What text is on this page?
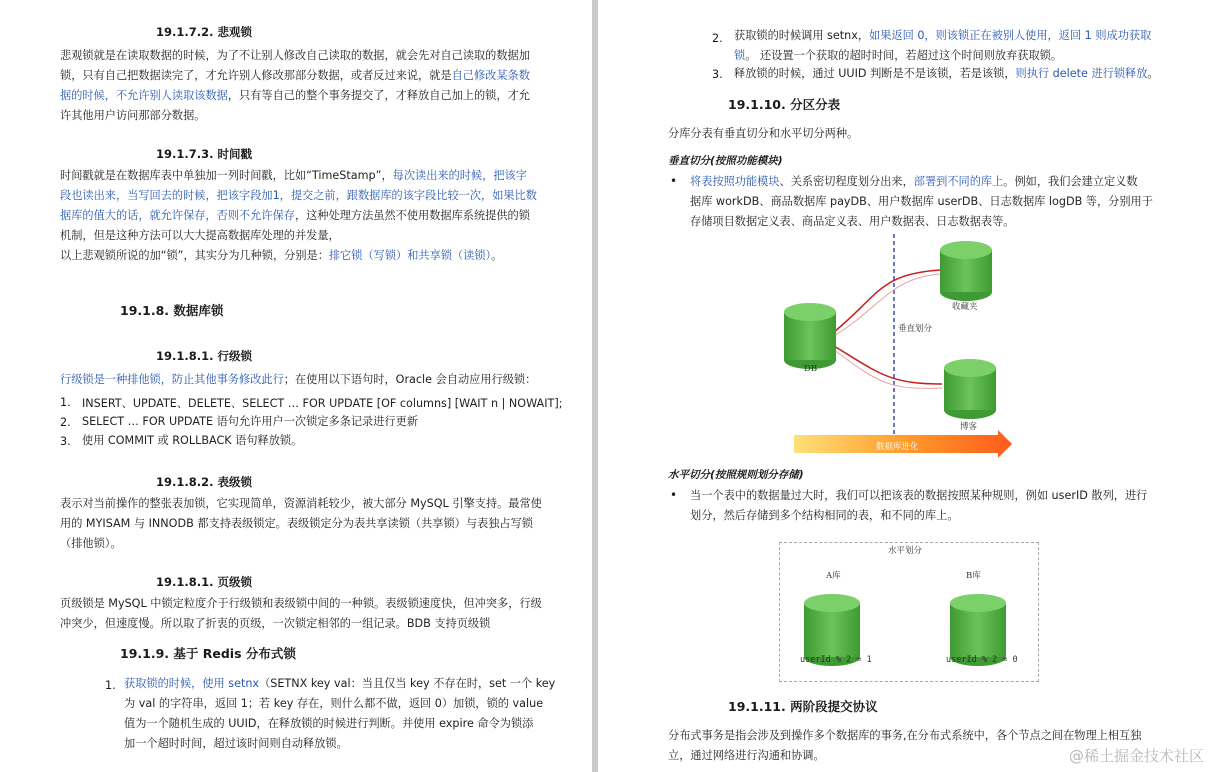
19.1.7.2. 悲观锁
悲观锁就是在读取数据的时候，为了不让别人修改自己读取的数据，就会先对自己读取的数据加
锁，只有自己把数据读完了，才允许别人修改那部分数据，或者反过来说，就是自己修改某条数
据的时候，不允许别人读取该数据，只有等自己的整个事务提交了，才释放自己加上的锁，才允
许其他用户访问那部分数据。
19.1.7.3. 时间戳
时间戳就是在数据库表中单独加一列时间戳，比如“TimeStamp”，每次读出来的时候，把该字
段也读出来，当写回去的时候，把该字段加1，提交之前，跟数据库的该字段比较一次，如果比数
据库的值大的话，就允许保存，否则不允许保存，这种处理方法虽然不使用数据库系统提供的锁
机制，但是这种方法可以大大提高数据库处理的并发量，
以上悲观锁所说的加“锁”，其实分为几种锁，分别是：排它锁（写锁）和共享锁（读锁）。
19.1.8. 数据库锁
19.1.8.1. 行级锁
行级锁是一种排他锁，防止其他事务修改此行；在使用以下语句时，Oracle 会自动应用行级锁：
1. INSERT、UPDATE、DELETE、SELECT … FOR UPDATE [OF columns] [WAIT n | NOWAIT];
2. SELECT … FOR UPDATE 语句允许用户一次锁定多条记录进行更新
3. 使用 COMMIT 或 ROLLBACK 语句释放锁。
19.1.8.2. 表级锁
表示对当前操作的整张表加锁，它实现简单，资源消耗较少，被大部分 MySQL 引擎支持。最常使
用的 MYISAM 与 INNODB 都支持表级锁定。表级锁定分为表共享读锁（共享锁）与表独占写锁
（排他锁）。
19.1.8.1. 页级锁
页级锁是 MySQL 中锁定粒度介于行级锁和表级锁中间的一种锁。表级锁速度快，但冲突多，行级
冲突少，但速度慢。所以取了折衷的页级，一次锁定相邻的一组记录。BDB 支持页级锁
19.1.9. 基于 Redis 分布式锁
1. 获取锁的时候，使用 setnx（SETNX key val：当且仅当 key 不存在时，set 一个 key
为 val 的字符串，返回 1；若 key 存在，则什么都不做，返回 0）加锁，锁的 value
值为一个随机生成的 UUID，在释放锁的时候进行判断。并使用 expire 命令为锁添
加一个超时时间，超过该时间则自动释放锁。
2. 获取锁的时候调用 setnx，如果返回 0，则该锁正在被别人使用，返回 1 则成功获取
锁。 还设置一个获取的超时时间，若超过这个时间则放弃获取锁。
3. 释放锁的时候，通过 UUID 判断是不是该锁，若是该锁，则执行 delete 进行锁释放。
19.1.10. 分区分表
分库分表有垂直切分和水平切分两种。
垂直切分(按照功能模块)
• 将表按照功能模块、关系密切程度划分出来，部署到不同的库上。例如，我们会建立定义数
据库 workDB、商品数据库 payDB、用户数据库 userDB、日志数据库 logDB 等，分别用于
存储项目数据定义表、商品定义表、用户数据表、日志数据表等。
DB
收藏夹
博客
垂直划分
数据库进化
水平切分(按照规则划分存储)
• 当一个表中的数据量过大时，我们可以把该表的数据按照某种规则，例如 userID 散列，进行
划分，然后存储到多个结构相同的表，和不同的库上。
水平划分
A库	B库
userId % 2 = 1	userId % 2 = 0
19.1.11. 两阶段提交协议
分布式事务是指会涉及到操作多个数据库的事务,在分布式系统中，各个节点之间在物理上相互独
立，通过网络进行沟通和协调。	@稀土掘金技术社区
